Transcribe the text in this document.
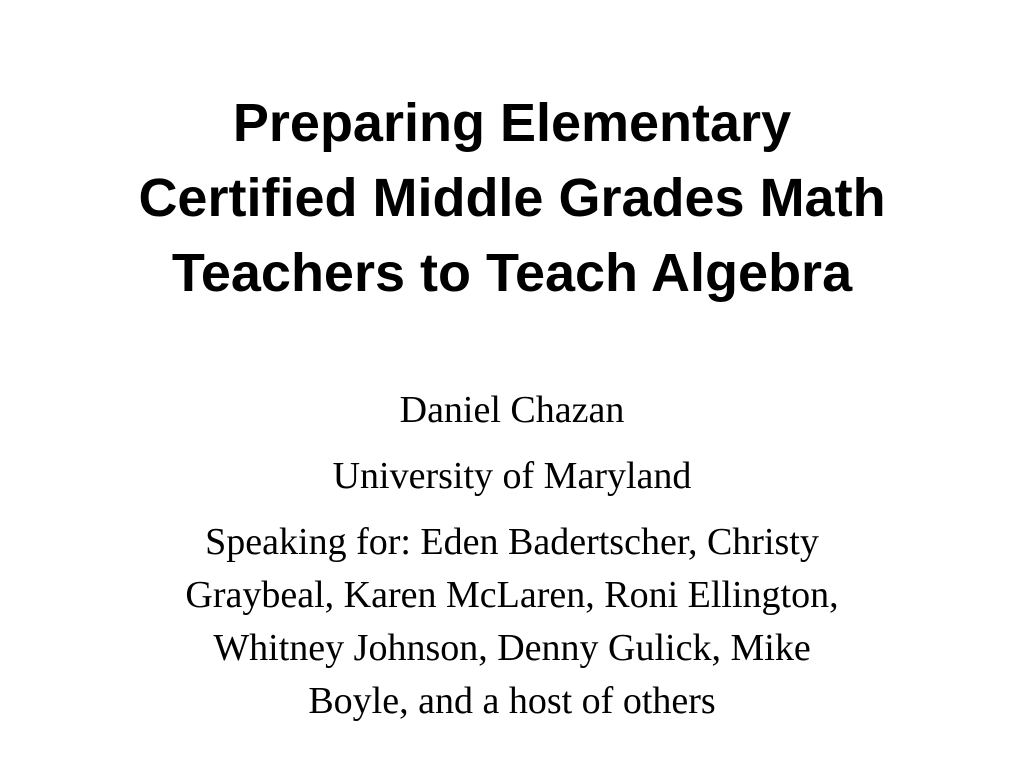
Preparing Elementary
Certified Middle Grades Math
Teachers to Teach Algebra
Daniel Chazan
University of Maryland
Speaking for: Eden Badertscher, Christy
Graybeal, Karen McLaren, Roni Ellington,
Whitney Johnson, Denny Gulick, Mike
Boyle, and a host of others
